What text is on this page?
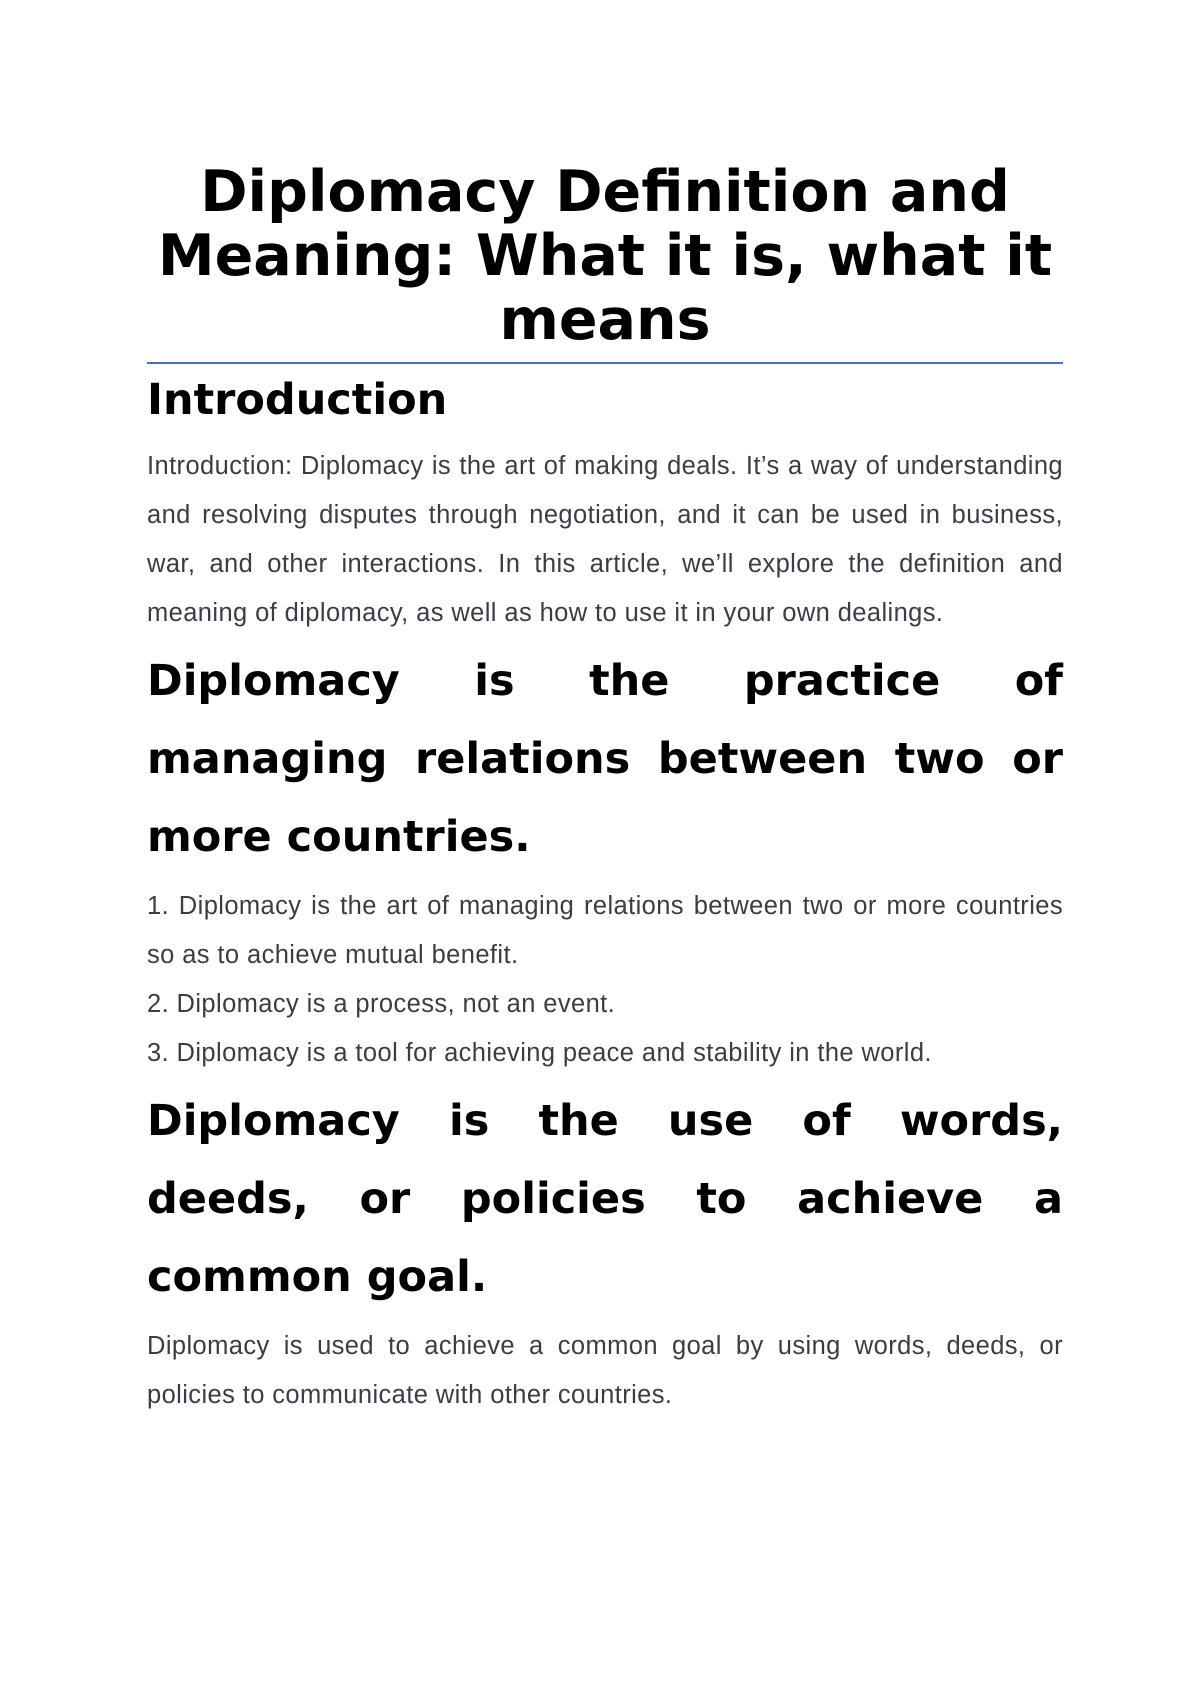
Diplomacy Definition and Meaning: What it is, what it means
Introduction

Introduction: Diplomacy is the art of making deals. It’s a way of understanding and resolving disputes through negotiation, and it can be used in business, war, and other interactions. In this article, we’ll explore the definition and meaning of diplomacy, as well as how to use it in your own dealings.

Diplomacy is the practice of managing relations between two or more countries.
1. Diplomacy is the art of managing relations between two or more countries so as to achieve mutual benefit.
2. Diplomacy is a process, not an event.
3. Diplomacy is a tool for achieving peace and stability in the world.
Diplomacy is the use of words, deeds, or policies to achieve a common goal.

Diplomacy is used to achieve a common goal by using words, deeds, or policies to communicate with other countries.
